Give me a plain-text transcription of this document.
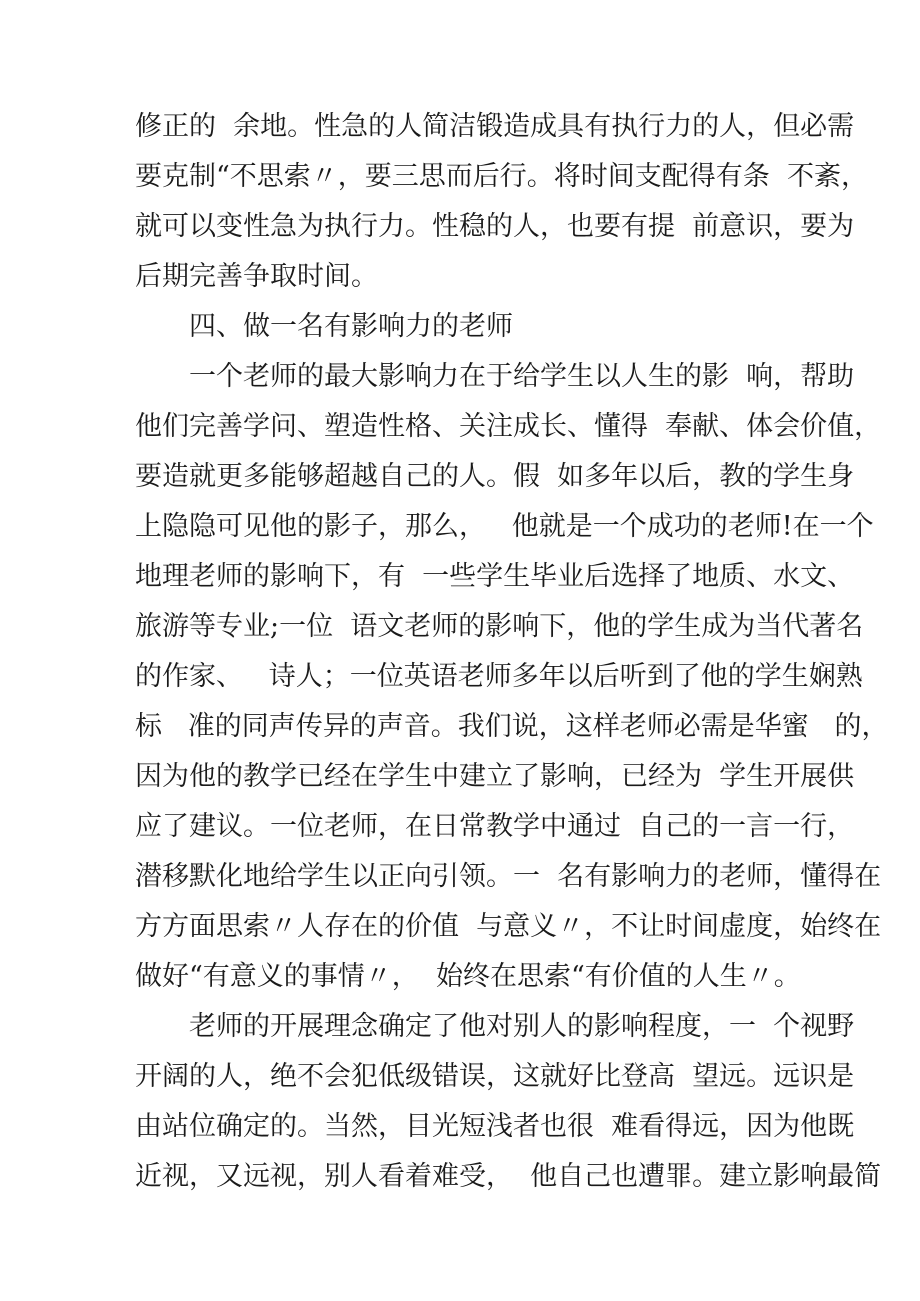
修正的  余地。性急的人简洁锻造成具有执行力的人，但必需
要克制“不思索〃，要三思而后行。将时间支配得有条  不紊，
就可以变性急为执行力。性稳的人，也要有提  前意识，要为
后期完善争取时间。
四、做一名有影响力的老师
一个老师的最大影响力在于给学生以人生的影  响，帮助
他们完善学问、塑造性格、关注成长、懂得  奉献、体会价值，
要造就更多能够超越自己的人。假  如多年以后，教的学生身
上隐隐可见他的影子，那么，   他就是一个成功的老师!在一个
地理老师的影响下，有  一些学生毕业后选择了地质、水文、
旅游等专业;一位  语文老师的影响下，他的学生成为当代著名
的作家、   诗人；一位英语老师多年以后听到了他的学生娴熟
标   准的同声传异的声音。我们说，这样老师必需是华蜜   的，
因为他的教学已经在学生中建立了影响，已经为  学生开展供
应了建议。一位老师，在日常教学中通过  自己的一言一行，
潜移默化地给学生以正向引领。一  名有影响力的老师，懂得在
方方面思索〃人存在的价值  与意义〃，不让时间虚度，始终在
做好“有意义的事情〃，  始终在思索“有价值的人生〃。
老师的开展理念确定了他对别人的影响程度，一  个视野
开阔的人，绝不会犯低级错误，这就好比登高  望远。远识是
由站位确定的。当然，目光短浅者也很  难看得远，因为他既
近视，又远视，别人看着难受，  他自己也遭罪。建立影响最简
